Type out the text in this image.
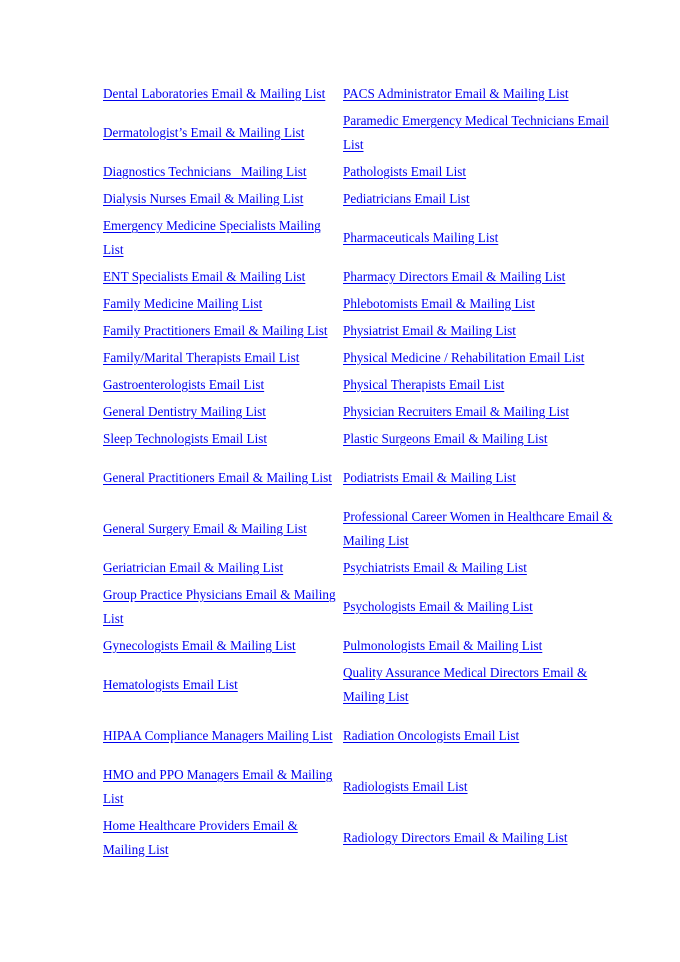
Dental Laboratories Email & Mailing List	PACS Administrator Email & Mailing List
Dermatologist’s Email & Mailing List	Paramedic Emergency Medical Technicians Email List
Diagnostics Technicians   Mailing List	Pathologists Email List
Dialysis Nurses Email & Mailing List	Pediatricians Email List
Emergency Medicine Specialists Mailing List	Pharmaceuticals Mailing List
ENT Specialists Email & Mailing List	Pharmacy Directors Email & Mailing List
Family Medicine Mailing List	Phlebotomists Email & Mailing List
Family Practitioners Email & Mailing List	Physiatrist Email & Mailing List
Family/Marital Therapists Email List	Physical Medicine / Rehabilitation Email List
Gastroenterologists Email List	Physical Therapists Email List
General Dentistry Mailing List	Physician Recruiters Email & Mailing List
Sleep Technologists Email List	Plastic Surgeons Email & Mailing List
General Practitioners Email & Mailing List	Podiatrists Email & Mailing List
General Surgery Email & Mailing List	Professional Career Women in Healthcare Email & Mailing List
Geriatrician Email & Mailing List	Psychiatrists Email & Mailing List
Group Practice Physicians Email & Mailing List	Psychologists Email & Mailing List
Gynecologists Email & Mailing List	Pulmonologists Email & Mailing List
Hematologists Email List	Quality Assurance Medical Directors Email & Mailing List
HIPAA Compliance Managers Mailing List	Radiation Oncologists Email List
HMO and PPO Managers Email & Mailing List	Radiologists Email List
Home Healthcare Providers Email & Mailing List	Radiology Directors Email & Mailing List
